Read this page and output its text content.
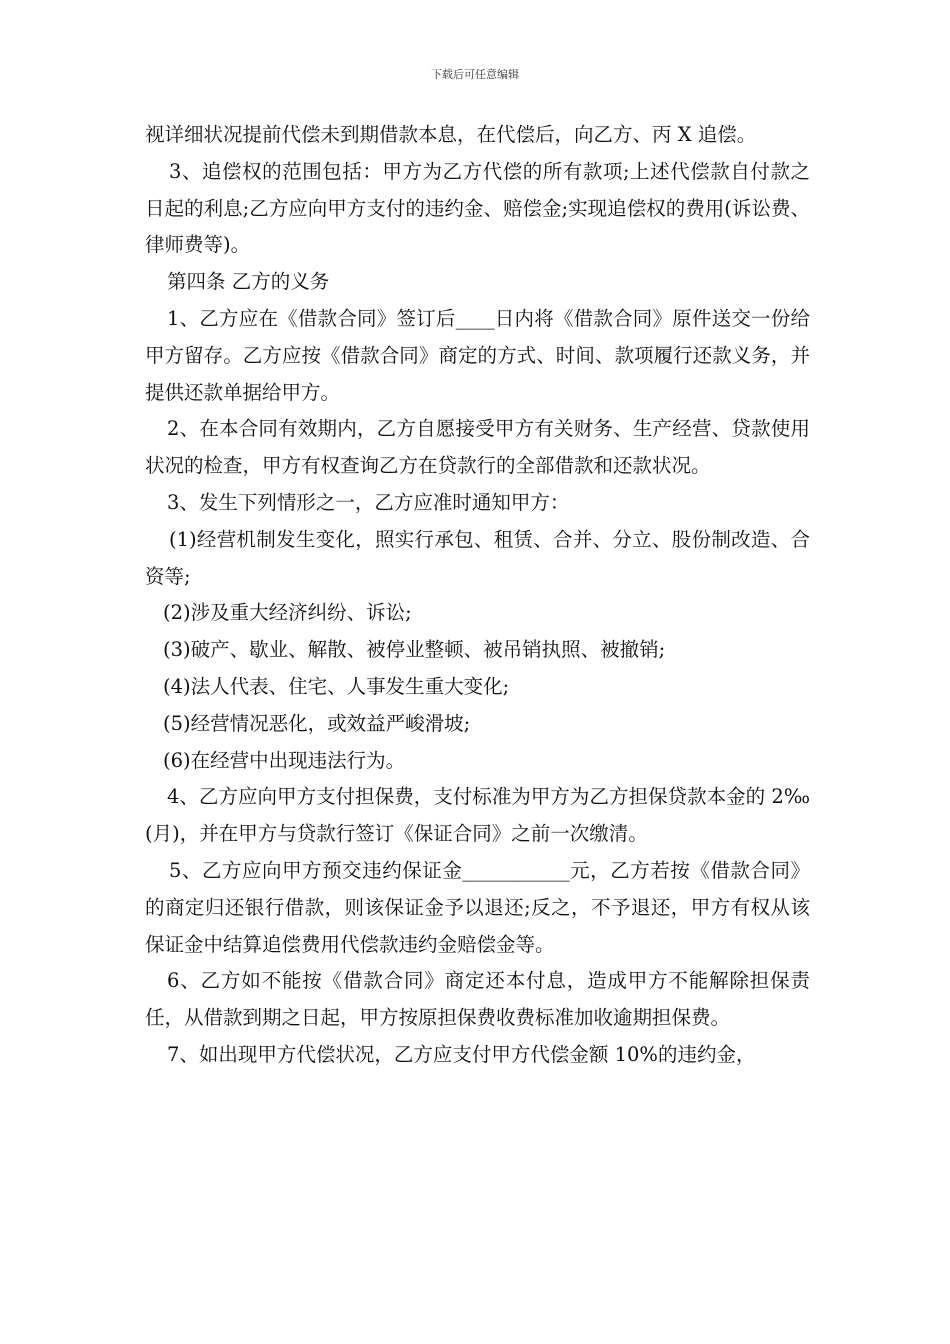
下载后可任意编辑

视详细状况提前代偿未到期借款本息，在代偿后，向乙方、丙 X 追偿。

3、追偿权的范围包括：甲方为乙方代偿的所有款项;上述代偿款自付款之日起的利息;乙方应向甲方支付的违约金、赔偿金;实现追偿权的费用(诉讼费、律师费等)。

第四条 乙方的义务

1、乙方应在《借款合同》签订后____日内将《借款合同》原件送交一份给甲方留存。乙方应按《借款合同》商定的方式、时间、款项履行还款义务，并提供还款单据给甲方。

2、在本合同有效期内，乙方自愿接受甲方有关财务、生产经营、贷款使用状况的检查，甲方有权查询乙方在贷款行的全部借款和还款状况。

3、发生下列情形之一，乙方应准时通知甲方：

(1)经营机制发生变化，照实行承包、租赁、合并、分立、股份制改造、合资等;

(2)涉及重大经济纠纷、诉讼;

(3)破产、歇业、解散、被停业整顿、被吊销执照、被撤销;

(4)法人代表、住宅、人事发生重大变化;

(5)经营情况恶化，或效益严峻滑坡;

(6)在经营中出现违法行为。

4、乙方应向甲方支付担保费，支付标准为甲方为乙方担保贷款本金的 2‰(月)，并在甲方与贷款行签订《保证合同》之前一次缴清。

5、乙方应向甲方预交违约保证金___________元，乙方若按《借款合同》的商定归还银行借款，则该保证金予以退还;反之，不予退还，甲方有权从该保证金中结算追偿费用代偿款违约金赔偿金等。

6、乙方如不能按《借款合同》商定还本付息，造成甲方不能解除担保责任，从借款到期之日起，甲方按原担保费收费标准加收逾期担保费。

7、如出现甲方代偿状况，乙方应支付甲方代偿金额 10%的违约金，
